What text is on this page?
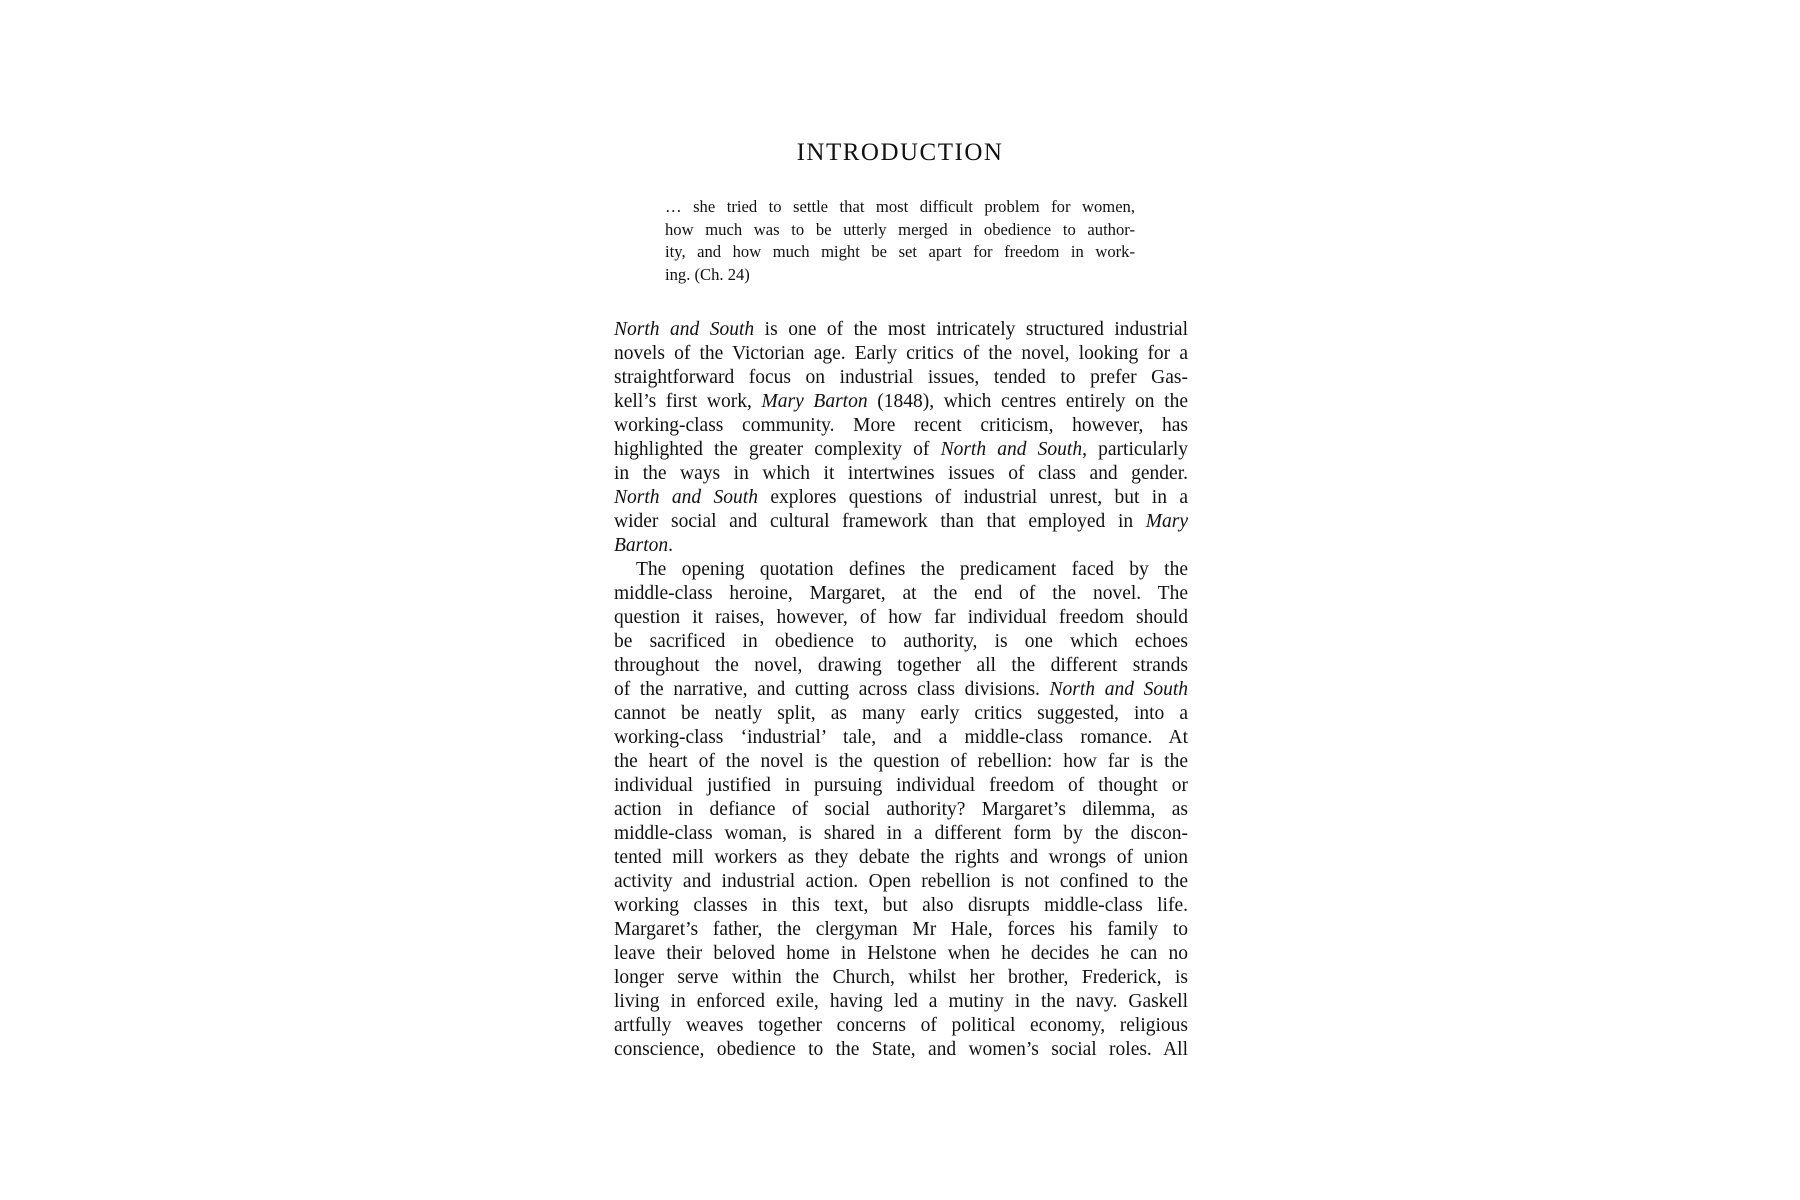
INTRODUCTION
… she tried to settle that most difficult problem for women,
how much was to be utterly merged in obedience to author-
ity, and how much might be set apart for freedom in work-
ing. (Ch. 24)
North and South is one of the most intricately structured industrial
novels of the Victorian age. Early critics of the novel, looking for a
straightforward focus on industrial issues, tended to prefer Gas-
kell’s first work, Mary Barton (1848), which centres entirely on the
working-class community. More recent criticism, however, has
highlighted the greater complexity of North and South, particularly
in the ways in which it intertwines issues of class and gender.
North and South explores questions of industrial unrest, but in a
wider social and cultural framework than that employed in Mary
Barton.
The opening quotation defines the predicament faced by the
middle-class heroine, Margaret, at the end of the novel. The
question it raises, however, of how far individual freedom should
be sacrificed in obedience to authority, is one which echoes
throughout the novel, drawing together all the different strands
of the narrative, and cutting across class divisions. North and South
cannot be neatly split, as many early critics suggested, into a
working-class ‘industrial’ tale, and a middle-class romance. At
the heart of the novel is the question of rebellion: how far is the
individual justified in pursuing individual freedom of thought or
action in defiance of social authority? Margaret’s dilemma, as
middle-class woman, is shared in a different form by the discon-
tented mill workers as they debate the rights and wrongs of union
activity and industrial action. Open rebellion is not confined to the
working classes in this text, but also disrupts middle-class life.
Margaret’s father, the clergyman Mr Hale, forces his family to
leave their beloved home in Helstone when he decides he can no
longer serve within the Church, whilst her brother, Frederick, is
living in enforced exile, having led a mutiny in the navy. Gaskell
artfully weaves together concerns of political economy, religious
conscience, obedience to the State, and women’s social roles. All
